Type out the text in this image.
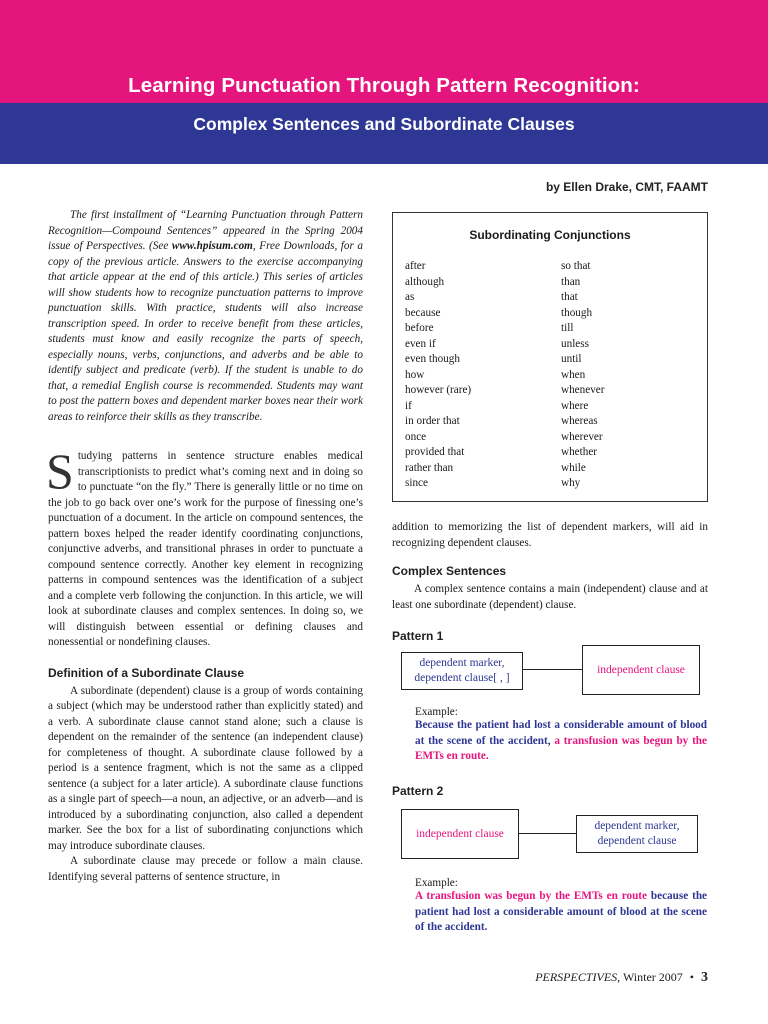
Learning Punctuation Through Pattern Recognition:
Complex Sentences and Subordinate Clauses
by Ellen Drake, CMT, FAAMT

The first installment of “Learning Punctuation through Pattern Recognition—Compound Sentences” appeared in the Spring 2004 issue of Perspectives. (See www.hpisum.com, Free Downloads, for a copy of the previous article. Answers to the exercise accompanying that article appear at the end of this article.) This series of articles will show students how to recognize punctuation patterns to improve punctuation skills. With practice, students will also increase transcription speed. In order to receive benefit from these articles, students must know and easily recognize the parts of speech, especially nouns, verbs, conjunctions, and adverbs and be able to identify subject and predicate (verb). If the student is unable to do that, a remedial English course is recommended. Students may want to post the pattern boxes and dependent marker boxes near their work areas to reinforce their skills as they transcribe.

S tudying patterns in sentence structure enables medical transcriptionists to predict what’s coming next and in doing so to punctuate “on the fly.” There is generally little or no time on the job to go back over one’s work for the purpose of finessing one’s punctuation of a document. In the article on compound sentences, the pattern boxes helped the reader identify coordinating conjunctions, conjunctive adverbs, and transitional phrases in order to punctuate a compound sentence correctly. Another key element in recognizing patterns in compound sentences was the identification of a subject and a complete verb following the conjunction. In this article, we will look at subordinate clauses and complex sentences. In doing so, we will distinguish between essential or defining clauses and nonessential or nondefining clauses.

Definition of a Subordinate Clause

A subordinate (dependent) clause is a group of words containing a subject (which may be understood rather than explicitly stated) and a verb. A subordinate clause cannot stand alone; such a clause is dependent on the remainder of the sentence (an independent clause) for completeness of thought. A subordinate clause followed by a period is a sentence fragment, which is not the same as a clipped sentence (a subject for a later article). A subordinate clause functions as a single part of speech—a noun, an adjective, or an adverb—and is introduced by a subordinating conjunction, also called a dependent marker. See the box for a list of subordinating conjunctions which may introduce subordinate clauses.

A subordinate clause may precede or follow a main clause. Identifying several patterns of sentence structure, in

Subordinating Conjunctions
after
although
as
because
before
even if
even though
how
however (rare)
if
in order that
once
provided that
rather than
since
so that
than
that
though
till
unless
until
when
whenever
where
whereas
wherever
whether
while
why

addition to memorizing the list of dependent markers, will aid in recognizing dependent clauses.

Complex Sentences

A complex sentence contains a main (independent) clause and at least one subordinate (dependent) clause.

Pattern 1
dependent marker,
dependent clause[ , ]
independent clause
Example:
Because the patient had lost a considerable amount of blood at the scene of the accident, a transfusion was begun by the EMTs en route.
Pattern 2
independent clause
dependent marker,
dependent clause
Example:
A transfusion was begun by the EMTs en route because the patient had lost a considerable amount of blood at the scene of the accident.
PERSPECTIVES, Winter 2007 • 3
